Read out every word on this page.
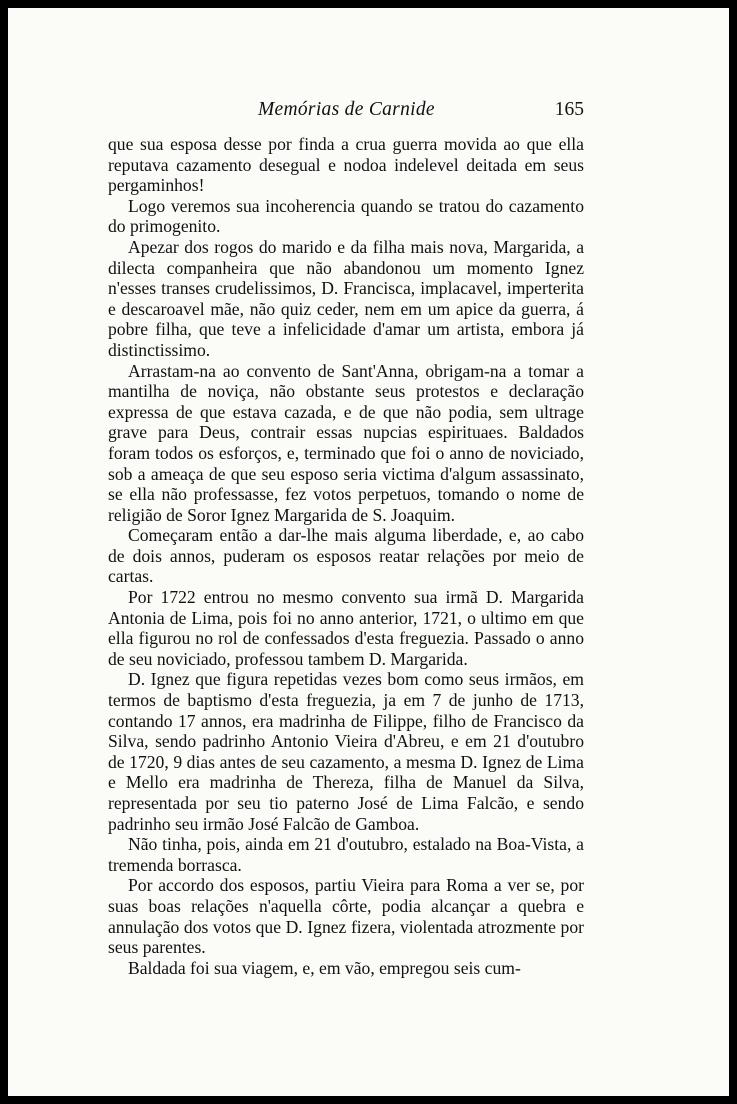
Memórias de Carnide	165

que sua esposa desse por finda a crua guerra movida ao que ella reputava cazamento desegual e nodoa indelevel deitada em seus pergaminhos!

Logo veremos sua incoherencia quando se tratou do cazamento do primogenito.

Apezar dos rogos do marido e da filha mais nova, Margarida, a dilecta companheira que não abandonou um momento Ignez n'esses transes crudelissimos, D. Francisca, implacavel, imperterita e descaroavel mãe, não quiz ceder, nem em um apice da guerra, á pobre filha, que teve a infelicidade d'amar um artista, embora já distinctissimo.

Arrastam-na ao convento de Sant'Anna, obrigam-na a tomar a mantilha de noviça, não obstante seus protestos e declaração expressa de que estava cazada, e de que não podia, sem ultrage grave para Deus, contrair essas nupcias espirituaes. Baldados foram todos os esforços, e, terminado que foi o anno de noviciado, sob a ameaça de que seu esposo seria victima d'algum assassinato, se ella não professasse, fez votos perpetuos, tomando o nome de religião de Soror Ignez Margarida de S. Joaquim.

Começaram então a dar-lhe mais alguma liberdade, e, ao cabo de dois annos, puderam os esposos reatar relações por meio de cartas.

Por 1722 entrou no mesmo convento sua irmã D. Margarida Antonia de Lima, pois foi no anno anterior, 1721, o ultimo em que ella figurou no rol de confessados d'esta freguezia. Passado o anno de seu noviciado, professou tambem D. Margarida.

D. Ignez que figura repetidas vezes bom como seus irmãos, em termos de baptismo d'esta freguezia, ja em 7 de junho de 1713, contando 17 annos, era madrinha de Filippe, filho de Francisco da Silva, sendo padrinho Antonio Vieira d'Abreu, e em 21 d'outubro de 1720, 9 dias antes de seu cazamento, a mesma D. Ignez de Lima e Mello era madrinha de Thereza, filha de Manuel da Silva, representada por seu tio paterno José de Lima Falcão, e sendo padrinho seu irmão José Falcão de Gamboa.

Não tinha, pois, ainda em 21 d'outubro, estalado na Boa-Vista, a tremenda borrasca.

Por accordo dos esposos, partiu Vieira para Roma a ver se, por suas boas relações n'aquella côrte, podia alcançar a quebra e annulação dos votos que D. Ignez fizera, violentada atrozmente por seus parentes.

Baldada foi sua viagem, e, em vão, empregou seis cum-
